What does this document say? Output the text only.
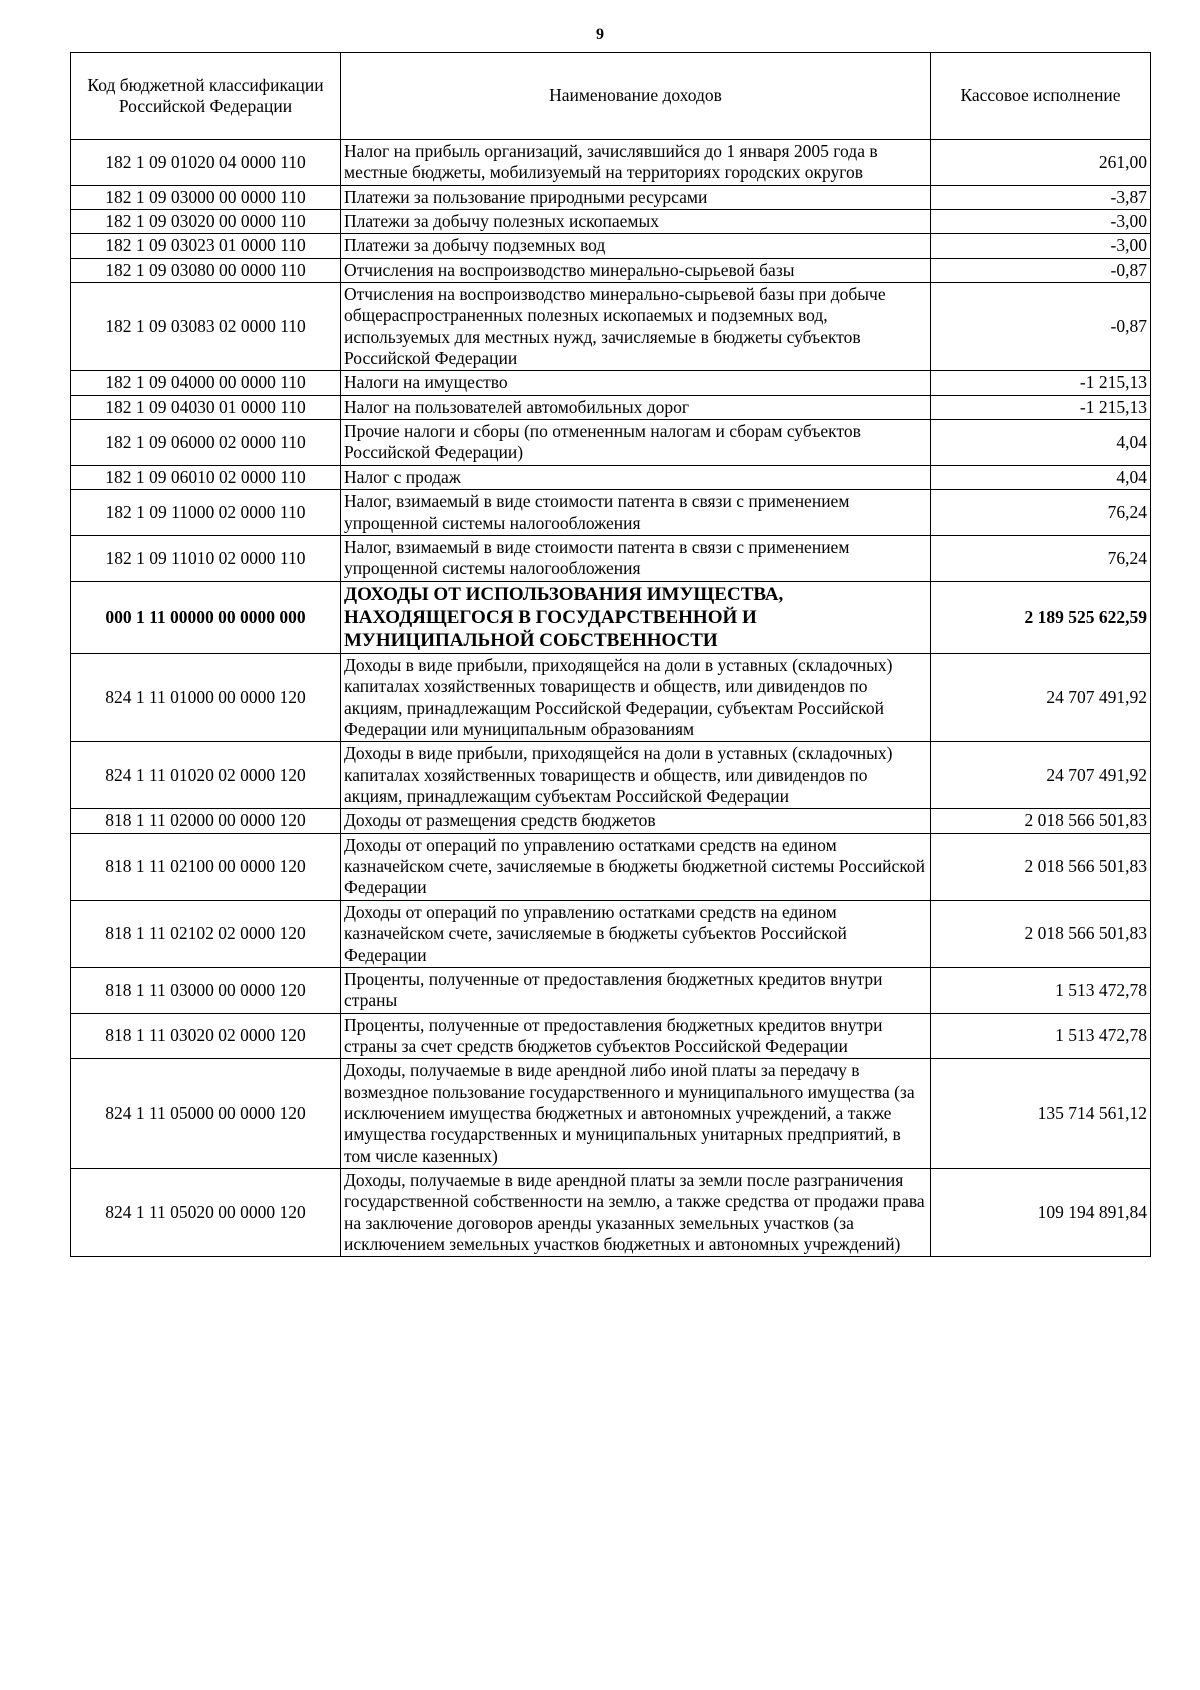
9
Код бюджетной классификации Российской Федерации	Наименование доходов	Кассовое исполнение
182 1 09 01020 04 0000 110	Налог на прибыль организаций, зачислявшийся до 1 января 2005 года в местные бюджеты, мобилизуемый на территориях городских округов	261,00
182 1 09 03000 00 0000 110	Платежи за пользование природными ресурсами	-3,87
182 1 09 03020 00 0000 110	Платежи за добычу полезных ископаемых	-3,00
182 1 09 03023 01 0000 110	Платежи за добычу подземных вод	-3,00
182 1 09 03080 00 0000 110	Отчисления на воспроизводство минерально-сырьевой базы	-0,87
182 1 09 03083 02 0000 110	Отчисления на воспроизводство минерально-сырьевой базы при добыче общераспространенных полезных ископаемых и подземных вод, используемых для местных нужд, зачисляемые в бюджеты субъектов Российской Федерации	-0,87
182 1 09 04000 00 0000 110	Налоги на имущество	-1 215,13
182 1 09 04030 01 0000 110	Налог на пользователей автомобильных дорог	-1 215,13
182 1 09 06000 02 0000 110	Прочие налоги и сборы (по отмененным налогам и сборам субъектов Российской Федерации)	4,04
182 1 09 06010 02 0000 110	Налог с продаж	4,04
182 1 09 11000 02 0000 110	Налог, взимаемый в виде стоимости патента в связи с применением упрощенной системы налогообложения	76,24
182 1 09 11010 02 0000 110	Налог, взимаемый в виде стоимости патента в связи с применением упрощенной системы налогообложения	76,24
000 1 11 00000 00 0000 000	ДОХОДЫ ОТ ИСПОЛЬЗОВАНИЯ ИМУЩЕСТВА, НАХОДЯЩЕГОСЯ В ГОСУДАРСТВЕННОЙ И МУНИЦИПАЛЬНОЙ СОБСТВЕННОСТИ	2 189 525 622,59
824 1 11 01000 00 0000 120	Доходы в виде прибыли, приходящейся на доли в уставных (складочных) капиталах хозяйственных товариществ и обществ, или дивидендов по акциям, принадлежащим Российской Федерации, субъектам Российской Федерации или муниципальным образованиям	24 707 491,92
824 1 11 01020 02 0000 120	Доходы в виде прибыли, приходящейся на доли в уставных (складочных) капиталах хозяйственных товариществ и обществ, или дивидендов по акциям, принадлежащим субъектам Российской Федерации	24 707 491,92
818 1 11 02000 00 0000 120	Доходы от размещения средств бюджетов	2 018 566 501,83
818 1 11 02100 00 0000 120	Доходы от операций по управлению остатками средств на едином казначейском счете, зачисляемые в бюджеты бюджетной системы Российской Федерации	2 018 566 501,83
818 1 11 02102 02 0000 120	Доходы от операций по управлению остатками средств на едином казначейском счете, зачисляемые в бюджеты субъектов Российской Федерации	2 018 566 501,83
818 1 11 03000 00 0000 120	Проценты, полученные от предоставления бюджетных кредитов внутри страны	1 513 472,78
818 1 11 03020 02 0000 120	Проценты, полученные от предоставления бюджетных кредитов внутри страны за счет средств бюджетов субъектов Российской Федерации	1 513 472,78
824 1 11 05000 00 0000 120	Доходы, получаемые в виде арендной либо иной платы за передачу в возмездное пользование государственного и муниципального имущества (за исключением имущества бюджетных и автономных учреждений, а также имущества государственных и муниципальных унитарных предприятий, в том числе казенных)	135 714 561,12
824 1 11 05020 00 0000 120	Доходы, получаемые в виде арендной платы за земли после разграничения государственной собственности на землю, а также средства от продажи права на заключение договоров аренды указанных земельных участков (за исключением земельных участков бюджетных и автономных учреждений)	109 194 891,84
